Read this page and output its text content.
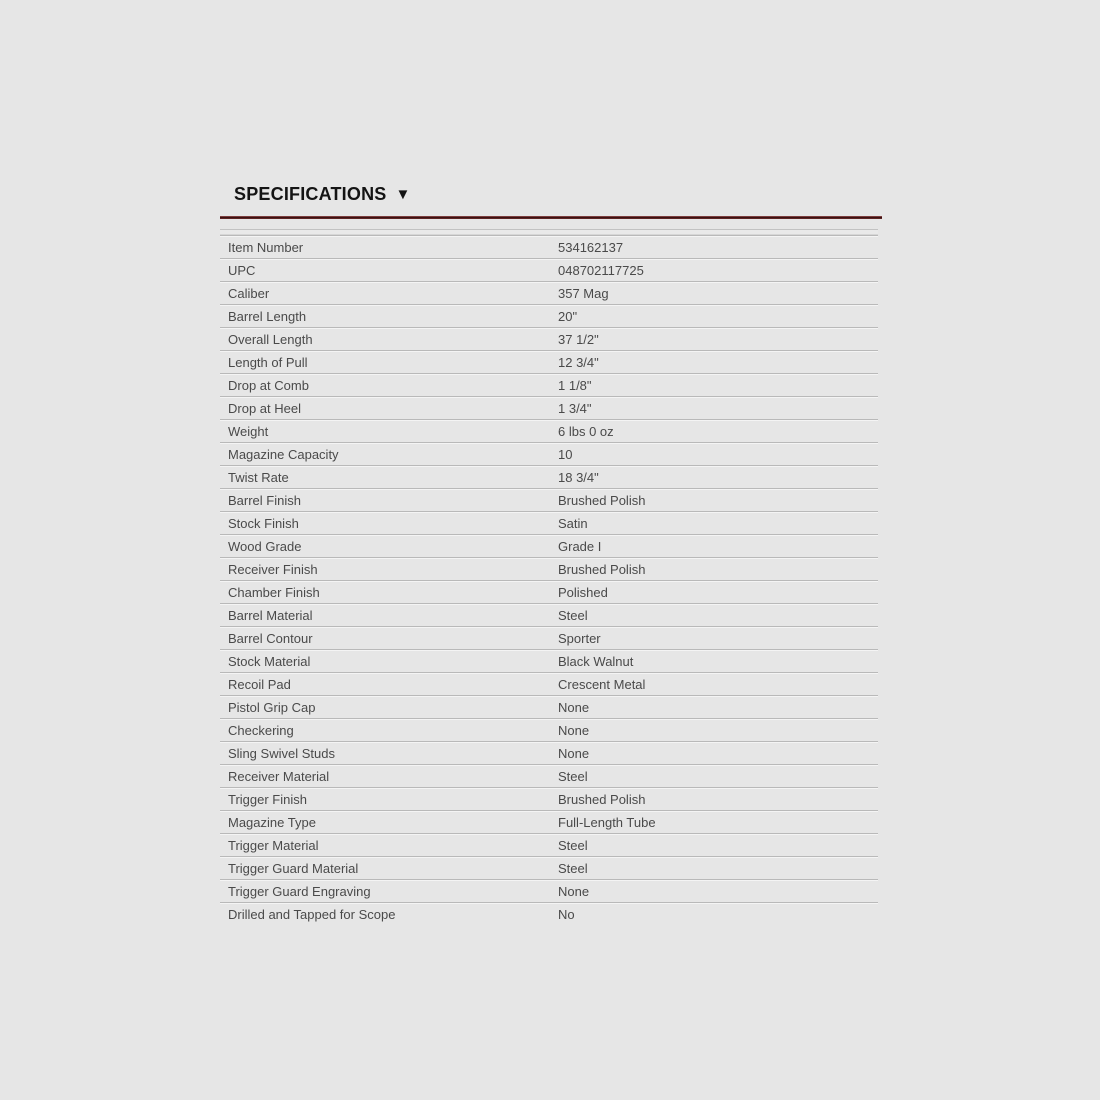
SPECIFICATIONS ▼
Item Number	534162137
UPC	048702117725
Caliber	357 Mag
Barrel Length	20"
Overall Length	37 1/2"
Length of Pull	12 3/4"
Drop at Comb	1 1/8"
Drop at Heel	1 3/4"
Weight	6 lbs 0 oz
Magazine Capacity	10
Twist Rate	18 3/4"
Barrel Finish	Brushed Polish
Stock Finish	Satin
Wood Grade	Grade I
Receiver Finish	Brushed Polish
Chamber Finish	Polished
Barrel Material	Steel
Barrel Contour	Sporter
Stock Material	Black Walnut
Recoil Pad	Crescent Metal
Pistol Grip Cap	None
Checkering	None
Sling Swivel Studs	None
Receiver Material	Steel
Trigger Finish	Brushed Polish
Magazine Type	Full-Length Tube
Trigger Material	Steel
Trigger Guard Material	Steel
Trigger Guard Engraving	None
Drilled and Tapped for Scope	No
